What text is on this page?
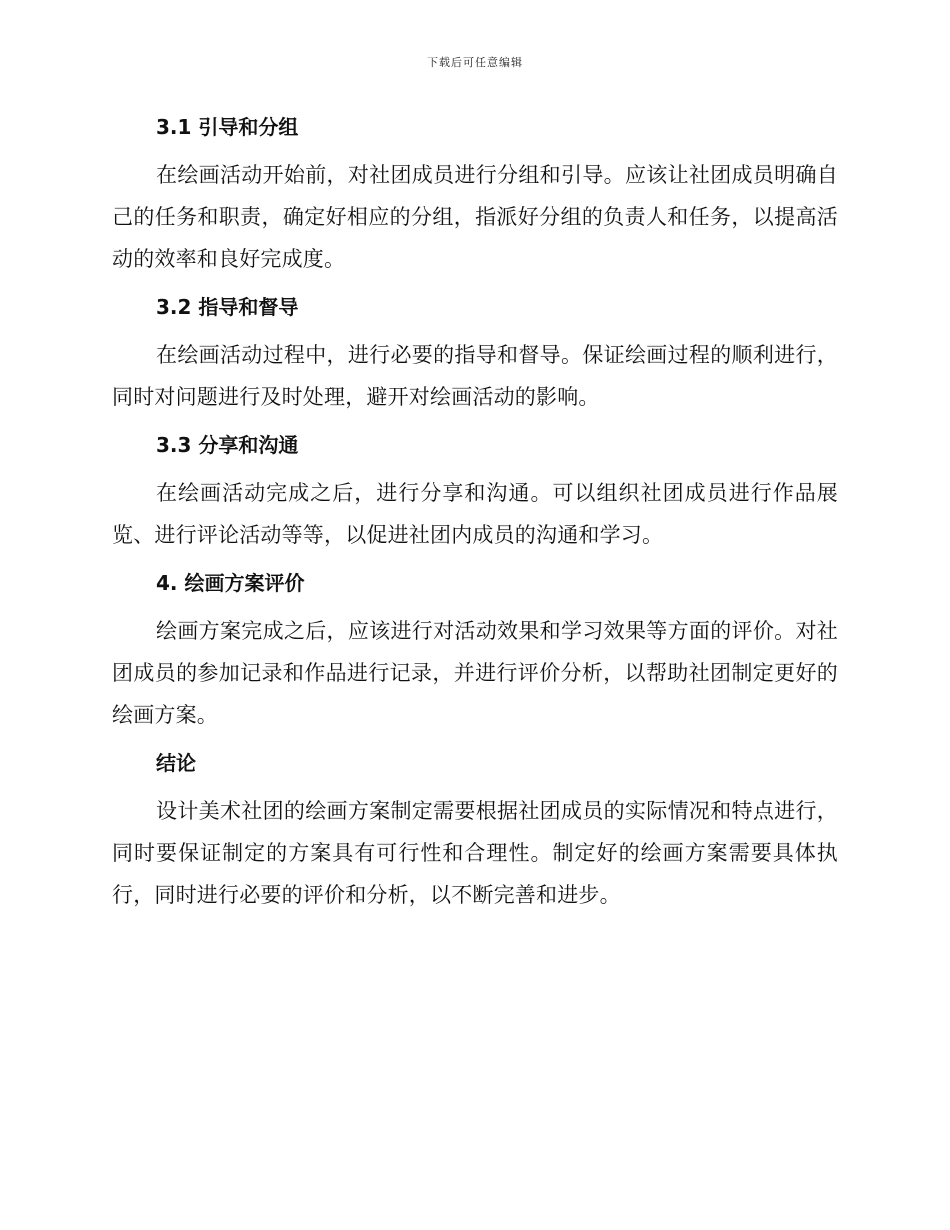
下载后可任意编辑
3.1 引导和分组

在绘画活动开始前，对社团成员进行分组和引导。应该让社团成员明确自己的任务和职责，确定好相应的分组，指派好分组的负责人和任务，以提高活动的效率和良好完成度。

3.2 指导和督导

在绘画活动过程中，进行必要的指导和督导。保证绘画过程的顺利进行，同时对问题进行及时处理，避开对绘画活动的影响。

3.3 分享和沟通

在绘画活动完成之后，进行分享和沟通。可以组织社团成员进行作品展览、进行评论活动等等，以促进社团内成员的沟通和学习。

4. 绘画方案评价

绘画方案完成之后，应该进行对活动效果和学习效果等方面的评价。对社团成员的参加记录和作品进行记录，并进行评价分析，以帮助社团制定更好的绘画方案。

结论

设计美术社团的绘画方案制定需要根据社团成员的实际情况和特点进行，同时要保证制定的方案具有可行性和合理性。制定好的绘画方案需要具体执行，同时进行必要的评价和分析，以不断完善和进步。
